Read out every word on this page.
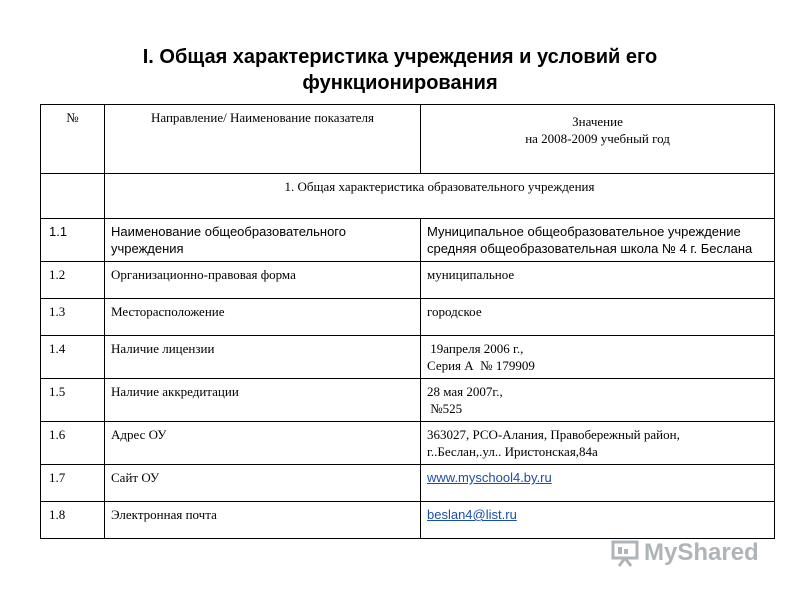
I. Общая характеристика учреждения и условий его
функционирования
№	Направление/ Наименование показателя	Значение
на 2008-2009 учебный год

	1. Общая характеристика образовательного учреждения	
1.1	Наименование общеобразовательного учреждения	Муниципальное общеобразовательное учреждение средняя общеобразовательная школа № 4 г. Беслана
1.2	Организационно-правовая форма	муниципальное
1.3	Месторасположение	городское
1.4	Наличие лицензии	19апреля 2006 г.,
Серия А  № 179909

1.5	Наличие аккредитации	28 мая 2007г.,
№525

1.6	Адрес ОУ	363027, РСО-Алания, Правобережный район,
г..Беслан,.ул.. Иристонская,84а

1.7	Сайт ОУ	www.myschool4.by.ru
1.8	Электронная почта	beslan4@list.ru
MyShared
